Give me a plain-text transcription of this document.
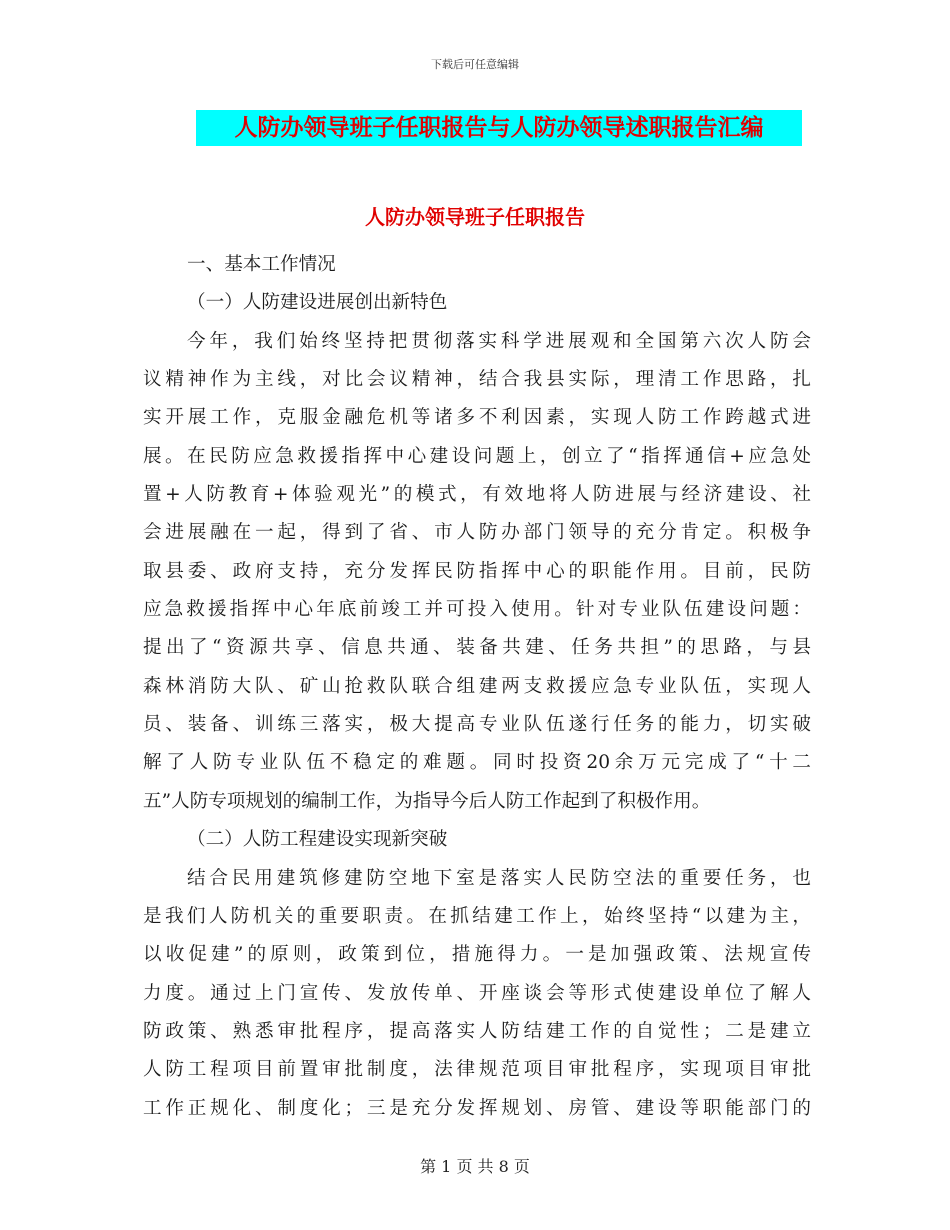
下载后可任意编辑
人防办领导班子任职报告与人防办领导述职报告汇编
人防办领导班子任职报告
一、基本工作情况
（一）人防建设进展创出新特色
今年，我们始终坚持把贯彻落实科学进展观和全国第六次人防会
议精神作为主线，对比会议精神，结合我县实际，理清工作思路，扎
实开展工作，克服金融危机等诸多不利因素，实现人防工作跨越式进
展。在民防应急救援指挥中心建设问题上，创立了“指挥通信+应急处
置+人防教育+体验观光”的模式，有效地将人防进展与经济建设、社
会进展融在一起，得到了省、市人防办部门领导的充分肯定。积极争
取县委、政府支持，充分发挥民防指挥中心的职能作用。目前，民防
应急救援指挥中心年底前竣工并可投入使用。针对专业队伍建设问题：
提出了“资源共享、信息共通、装备共建、任务共担”的思路，与县
森林消防大队、矿山抢救队联合组建两支救援应急专业队伍，实现人
员、装备、训练三落实，极大提高专业队伍遂行任务的能力，切实破
解了人防专业队伍不稳定的难题。同时投资20余万元完成了“十二
五”人防专项规划的编制工作，为指导今后人防工作起到了积极作用。
（二）人防工程建设实现新突破
结合民用建筑修建防空地下室是落实人民防空法的重要任务，也
是我们人防机关的重要职责。在抓结建工作上，始终坚持“以建为主，
以收促建”的原则，政策到位，措施得力。一是加强政策、法规宣传
力度。通过上门宣传、发放传单、开座谈会等形式使建设单位了解人
防政策、熟悉审批程序，提高落实人防结建工作的自觉性；二是建立
人防工程项目前置审批制度，法律规范项目审批程序，实现项目审批
工作正规化、制度化；三是充分发挥规划、房管、建设等职能部门的
第 1 页 共 8 页
